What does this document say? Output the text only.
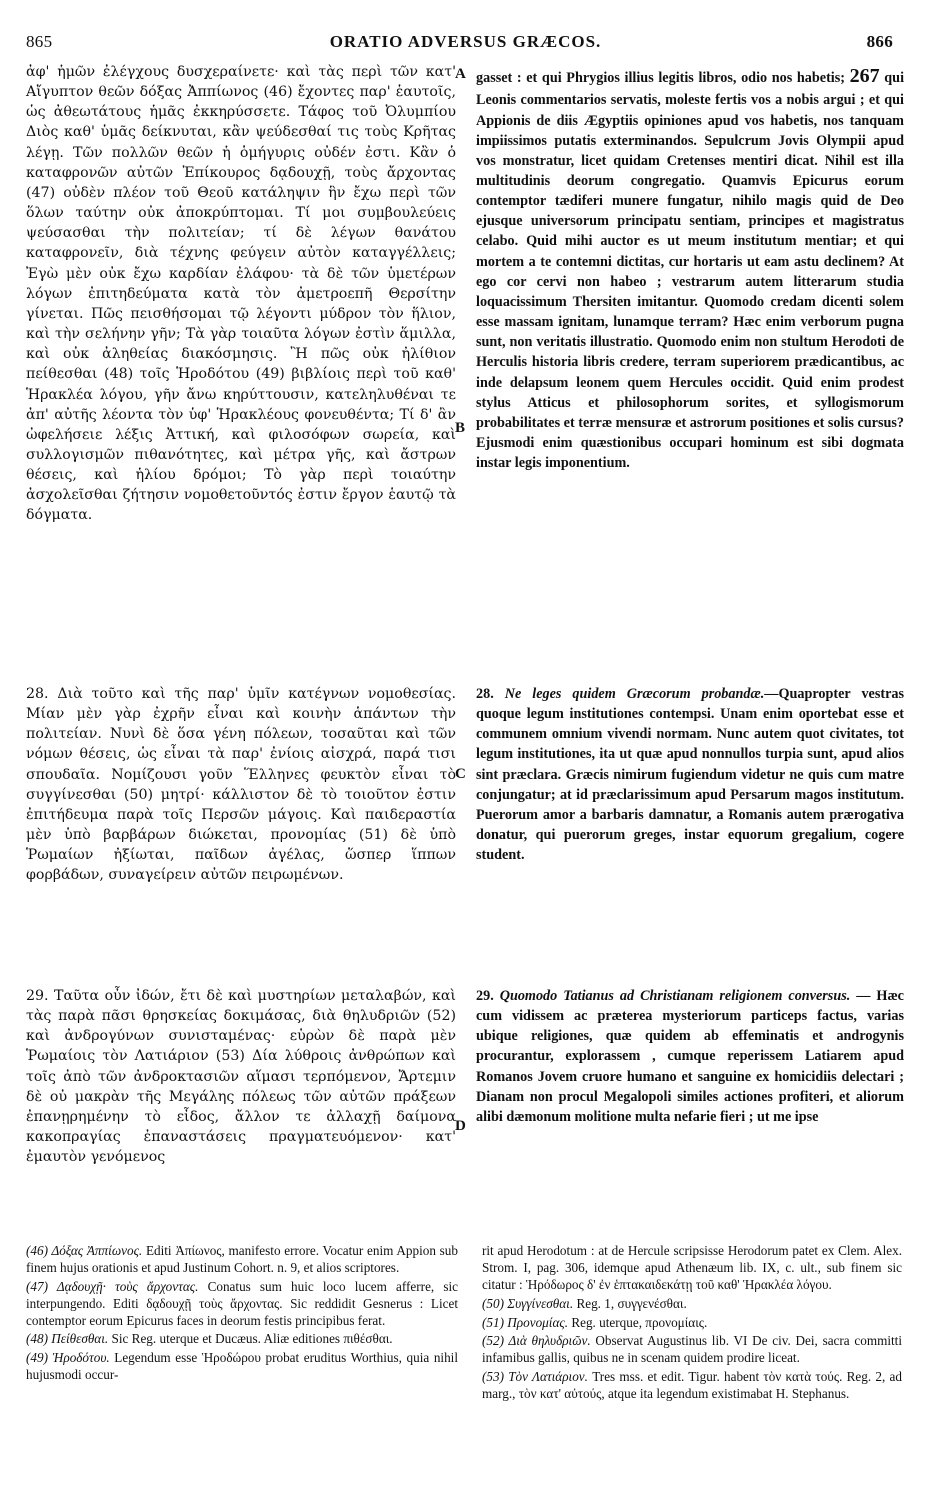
865	ORATIO ADVERSUS GRÆCOS.	866

ἀφ' ἡμῶν ἐλέγχους δυσχεραίνετε· καὶ τὰς περὶ τῶν κατ' Αἴγυπτον θεῶν δόξας Ἀππίωνος (46) ἔχοντες παρ' ἑαυτοῖς, ὡς ἀθεωτάτους ἡμᾶς ἐκκηρύσσετε. Τάφος τοῦ Ὀλυμπίου Διὸς καθ' ὑμᾶς δείκνυται, κἂν ψεύδεσθαί τις τοὺς Κρῆτας λέγῃ. Τῶν πολλῶν θεῶν ἡ ὁμήγυρις οὐδέν ἐστι. Κἂν ὁ καταφρονῶν αὐτῶν Ἐπίκουρος δᾳδουχῇ, τοὺς ἄρχοντας (47) οὐδὲν πλέον τοῦ Θεοῦ κατάληψιν ἣν ἔχω περὶ τῶν ὅλων ταύτην οὐκ ἀποκρύπτομαι. Τί μοι συμβουλεύεις ψεύσασθαι τὴν πολιτείαν; τί δὲ λέγων θανάτου καταφρονεῖν, διὰ τέχνης φεύγειν αὐτὸν καταγγέλλεις; Ἐγὼ μὲν οὐκ ἔχω καρδίαν ἐλάφου· τὰ δὲ τῶν ὑμετέρων λόγων ἐπιτηδεύματα κατὰ τὸν ἀμετροεπῆ Θερσίτην γίνεται. Πῶς πεισθήσομαι τῷ λέγοντι μύδρον τὸν ἥλιον, καὶ τὴν σελήνην γῆν; Τὰ γὰρ τοιαῦτα λόγων ἐστὶν ἅμιλλα, καὶ οὐκ ἀληθείας διακόσμησις. Ἢ πῶς οὐκ ἠλίθιον πείθεσθαι (48) τοῖς Ἡροδότου (49) βιβλίοις περὶ τοῦ καθ' Ἡρακλέα λόγου, γῆν ἄνω κηρύττουσιν, κατεληλυθέναι τε ἀπ' αὐτῆς λέοντα τὸν ὑφ' Ἡρακλέους φονευθέντα; Τί δ' ἂν ὠφελήσειε λέξις Ἀττική, καὶ φιλοσόφων σωρεία, καὶ συλλογισμῶν πιθανότητες, καὶ μέτρα γῆς, καὶ ἄστρων θέσεις, καὶ ἡλίου δρόμοι; Τὸ γὰρ περὶ τοιαύτην ἀσχολεῖσθαι ζήτησιν νομοθετοῦντός ἐστιν ἔργον ἑαυτῷ τὰ δόγματα.

28. Διὰ τοῦτο καὶ τῆς παρ' ὑμῖν κατέγνων νομοθεσίας. Μίαν μὲν γὰρ ἐχρῆν εἶναι καὶ κοινὴν ἁπάντων τὴν πολιτείαν. Νυνὶ δὲ ὅσα γένη πόλεων, τοσαῦται καὶ τῶν νόμων θέσεις, ὡς εἶναι τὰ παρ' ἐνίοις αἰσχρά, παρά τισι σπουδαῖα. Νομίζουσι γοῦν Ἕλληνες φευκτὸν εἶναι τὸ συγγίνεσθαι (50) μητρί· κάλλιστον δὲ τὸ τοιοῦτον ἐστιν ἐπιτήδευμα παρὰ τοῖς Περσῶν μάγοις. Καὶ παιδεραστία μὲν ὑπὸ βαρβάρων διώκεται, προνομίας (51) δὲ ὑπὸ Ῥωμαίων ἠξίωται, παῖδων ἀγέλας, ὥσπερ ἵππων φορβάδων, συναγείρειν αὐτῶν πειρωμένων.

29. Ταῦτα οὖν ἰδών, ἔτι δὲ καὶ μυστηρίων μεταλαβών, καὶ τὰς παρὰ πᾶσι θρησκείας δοκιμάσας, διὰ θηλυδριῶν (52) καὶ ἀνδρογύνων συνισταμένας· εὑρὼν δὲ παρὰ μὲν Ῥωμαίοις τὸν Λατιάριον (53) Δία λύθροις ἀνθρώπων καὶ τοῖς ἀπὸ τῶν ἀνδροκτασιῶν αἵμασι τερπόμενον, Ἄρτεμιν δὲ οὐ μακρὰν τῆς Μεγάλης πόλεως τῶν αὐτῶν πράξεων ἐπανῃρημένην τὸ εἶδος, ἄλλον τε ἀλλαχῇ δαίμονα κακοπραγίας ἐπαναστάσεις πραγματευόμενον· κατ' ἐμαυτὸν γενόμενος

gasset : et qui Phrygios illius legitis libros, odio nos habetis; 267 qui Leonis commentarios servatis, moleste fertis vos a nobis argui ; et qui Appionis de diis Ægyptiis opiniones apud vos habetis, nos tanquam impiissimos putatis exterminandos. Sepulcrum Jovis Olympii apud vos monstratur, licet quidam Cretenses mentiri dicat. Nihil est illa multitudinis deorum congregatio. Quamvis Epicurus eorum contemptor tædiferi munere fungatur, nihilo magis quid de Deo ejusque universorum principatu sentiam, principes et magistratus celabo. Quid mihi auctor es ut meum institutum mentiar; et qui mortem a te contemni dictitas, cur hortaris ut eam astu declinem? At ego cor cervi non habeo ; vestrarum autem litterarum studia loquacissimum Thersiten imitantur. Quomodo credam dicenti solem esse massam ignitam, lunamque terram? Hæc enim verborum pugna sunt, non veritatis illustratio. Quomodo enim non stultum Herodoti de Herculis historia libris credere, terram superiorem prædicantibus, ac inde delapsum leonem quem Hercules occidit. Quid enim prodest stylus Atticus et philosophorum sorites, et syllogismorum probabilitates et terræ mensuræ et astrorum positiones et solis cursus? Ejusmodi enim quæstionibus occupari hominum est sibi dogmata instar legis imponentium.

28. Ne leges quidem Græcorum probandæ.—Quapropter vestras quoque legum institutiones contempsi. Unam enim oportebat esse et communem omnium vivendi normam. Nunc autem quot civitates, tot legum institutiones, ita ut quæ apud nonnullos turpia sunt, apud alios sint præclara. Græcis nimirum fugiendum videtur ne quis cum matre conjungatur; at id præclarissimum apud Persarum magos institutum. Puerorum amor a barbaris damnatur, a Romanis autem prærogativa donatur, qui puerorum greges, instar equorum gregalium, cogere student.

29. Quomodo Tatianus ad Christianam religionem conversus. — Hæc cum vidissem ac præterea mysteriorum particeps factus, varias ubique religiones, quæ quidem ab effeminatis et androgynis procurantur, explorassem , cumque reperissem Latiarem apud Romanos Jovem cruore humano et sanguine ex homicidiis delectari ; Dianam non procul Megalopoli similes actiones profiteri, et aliorum alibi dæmonum molitione multa nefarie fieri ; ut me ipse

A
B
C
D

(46) Δόξας Ἀππίωνος. Editi Ἀπίωνος, manifesto errore. Vocatur enim Appion sub finem hujus orationis et apud Justinum Cohort. n. 9, et alios scriptores.

(47) Δᾳδουχῇ· τοὺς ἄρχοντας. Conatus sum huic loco lucem afferre, sic interpungendo. Editi δᾳδουχῇ τοὺς ἄρχοντας. Sic reddidit Gesnerus : Licet contemptor eorum Epicurus faces in deorum festis principibus ferat.

(48) Πείθεσθαι. Sic Reg. uterque et Ducæus. Aliæ editiones πιθέσθαι.

(49) Ἡροδότου. Legendum esse Ἡροδώρου probat eruditus Worthius, quia nihil hujusmodi occur-

rit apud Herodotum : at de Hercule scripsisse Herodorum patet ex Clem. Alex. Strom. I, pag. 306, idemque apud Athenæum lib. IX, c. ult., sub finem sic citatur : Ἡρόδωρος δ' ἐν ἑπτακαιδεκάτῃ τοῦ καθ' Ἡρακλέα λόγου.

(50) Συγγίνεσθαι. Reg. 1, συγγενέσθαι.

(51) Προνομίας. Reg. uterque, προνομίαις.

(52) Διὰ θηλυδριῶν. Observat Augustinus lib. VI De civ. Dei, sacra committi infamibus gallis, quibus ne in scenam quidem prodire liceat.

(53) Τὸν Λατιάριον. Tres mss. et edit. Tigur. habent τὸν κατὰ τούς. Reg. 2, ad marg., τὸν κατ' αὐτούς, atque ita legendum existimabat H. Stephanus.
